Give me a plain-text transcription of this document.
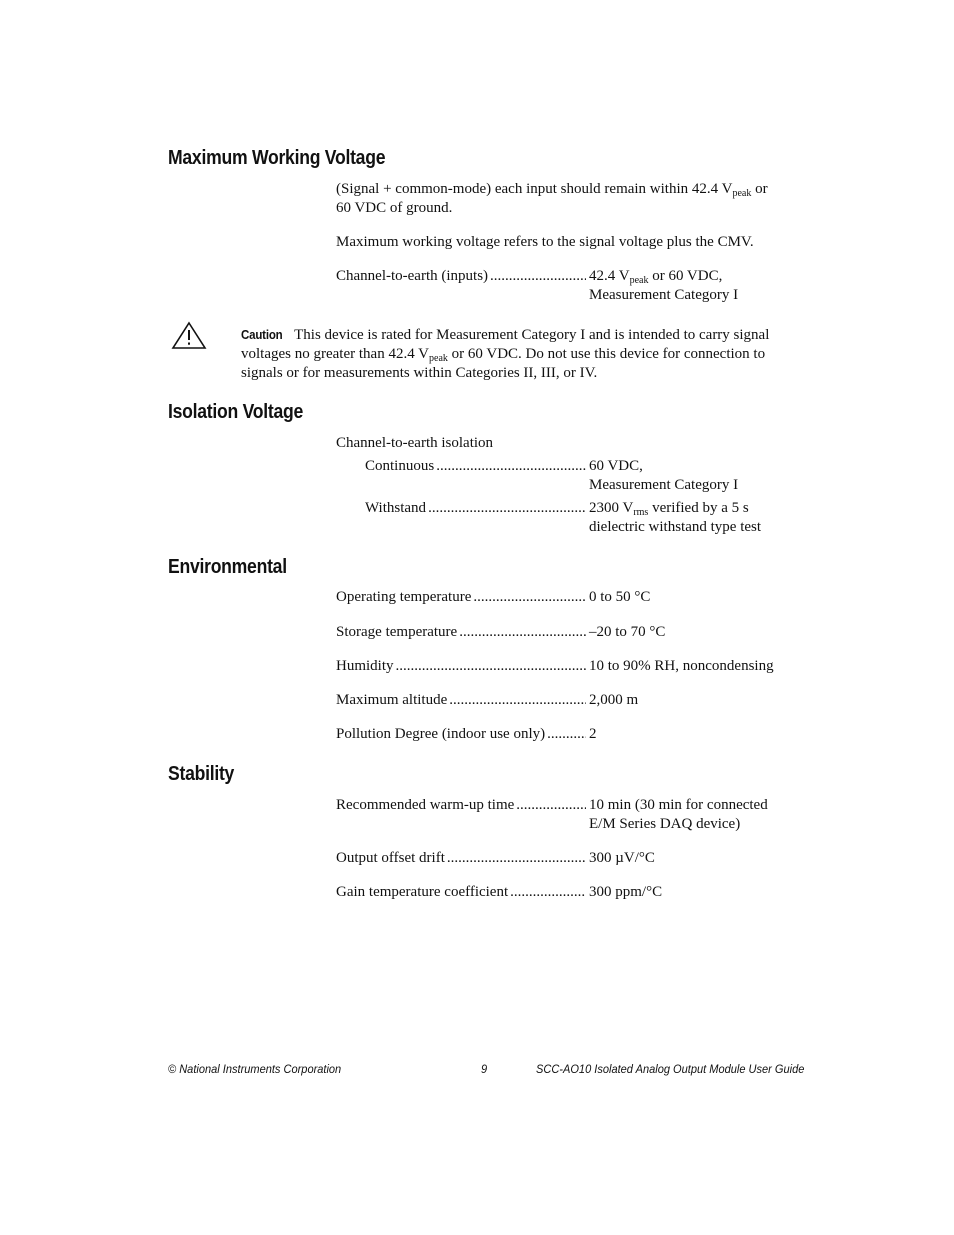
Maximum Working Voltage
(Signal + common-mode) each input should remain within 42.4 $V_{peak}$ or
60 VDC of ground.
Maximum working voltage refers to the signal voltage plus the CMV.
Channel-to-earth (inputs) .....	42.4 $V_{peak}$ or 60 VDC,
Measurement Category I
Caution This device is rated for Measurement Category I and is intended to carry signal
voltages no greater than 42.4 $V_{peak}$ or 60 VDC. Do not use this device for connection to
signals or for measurements within Categories II, III, or IV.
Isolation Voltage
Channel-to-earth isolation
Continuous .....	60 VDC,
Measurement Category I
Withstand .....	2300 $V_{rms}$ verified by a 5 s
dielectric withstand type test
Environmental
Operating temperature .....	0 to 50 °C
Storage temperature .....	–20 to 70 °C
Humidity .....	10 to 90% RH, noncondensing
Maximum altitude .....	2,000 m
Pollution Degree (indoor use only) .....	2
Stability
Recommended warm-up time .....	10 min (30 min for connected
E/M Series DAQ device)
Output offset drift .....	300 µV/°C
Gain temperature coefficient .....	300 ppm/°C
© National Instruments Corporation	9	SCC-AO10 Isolated Analog Output Module User Guide
